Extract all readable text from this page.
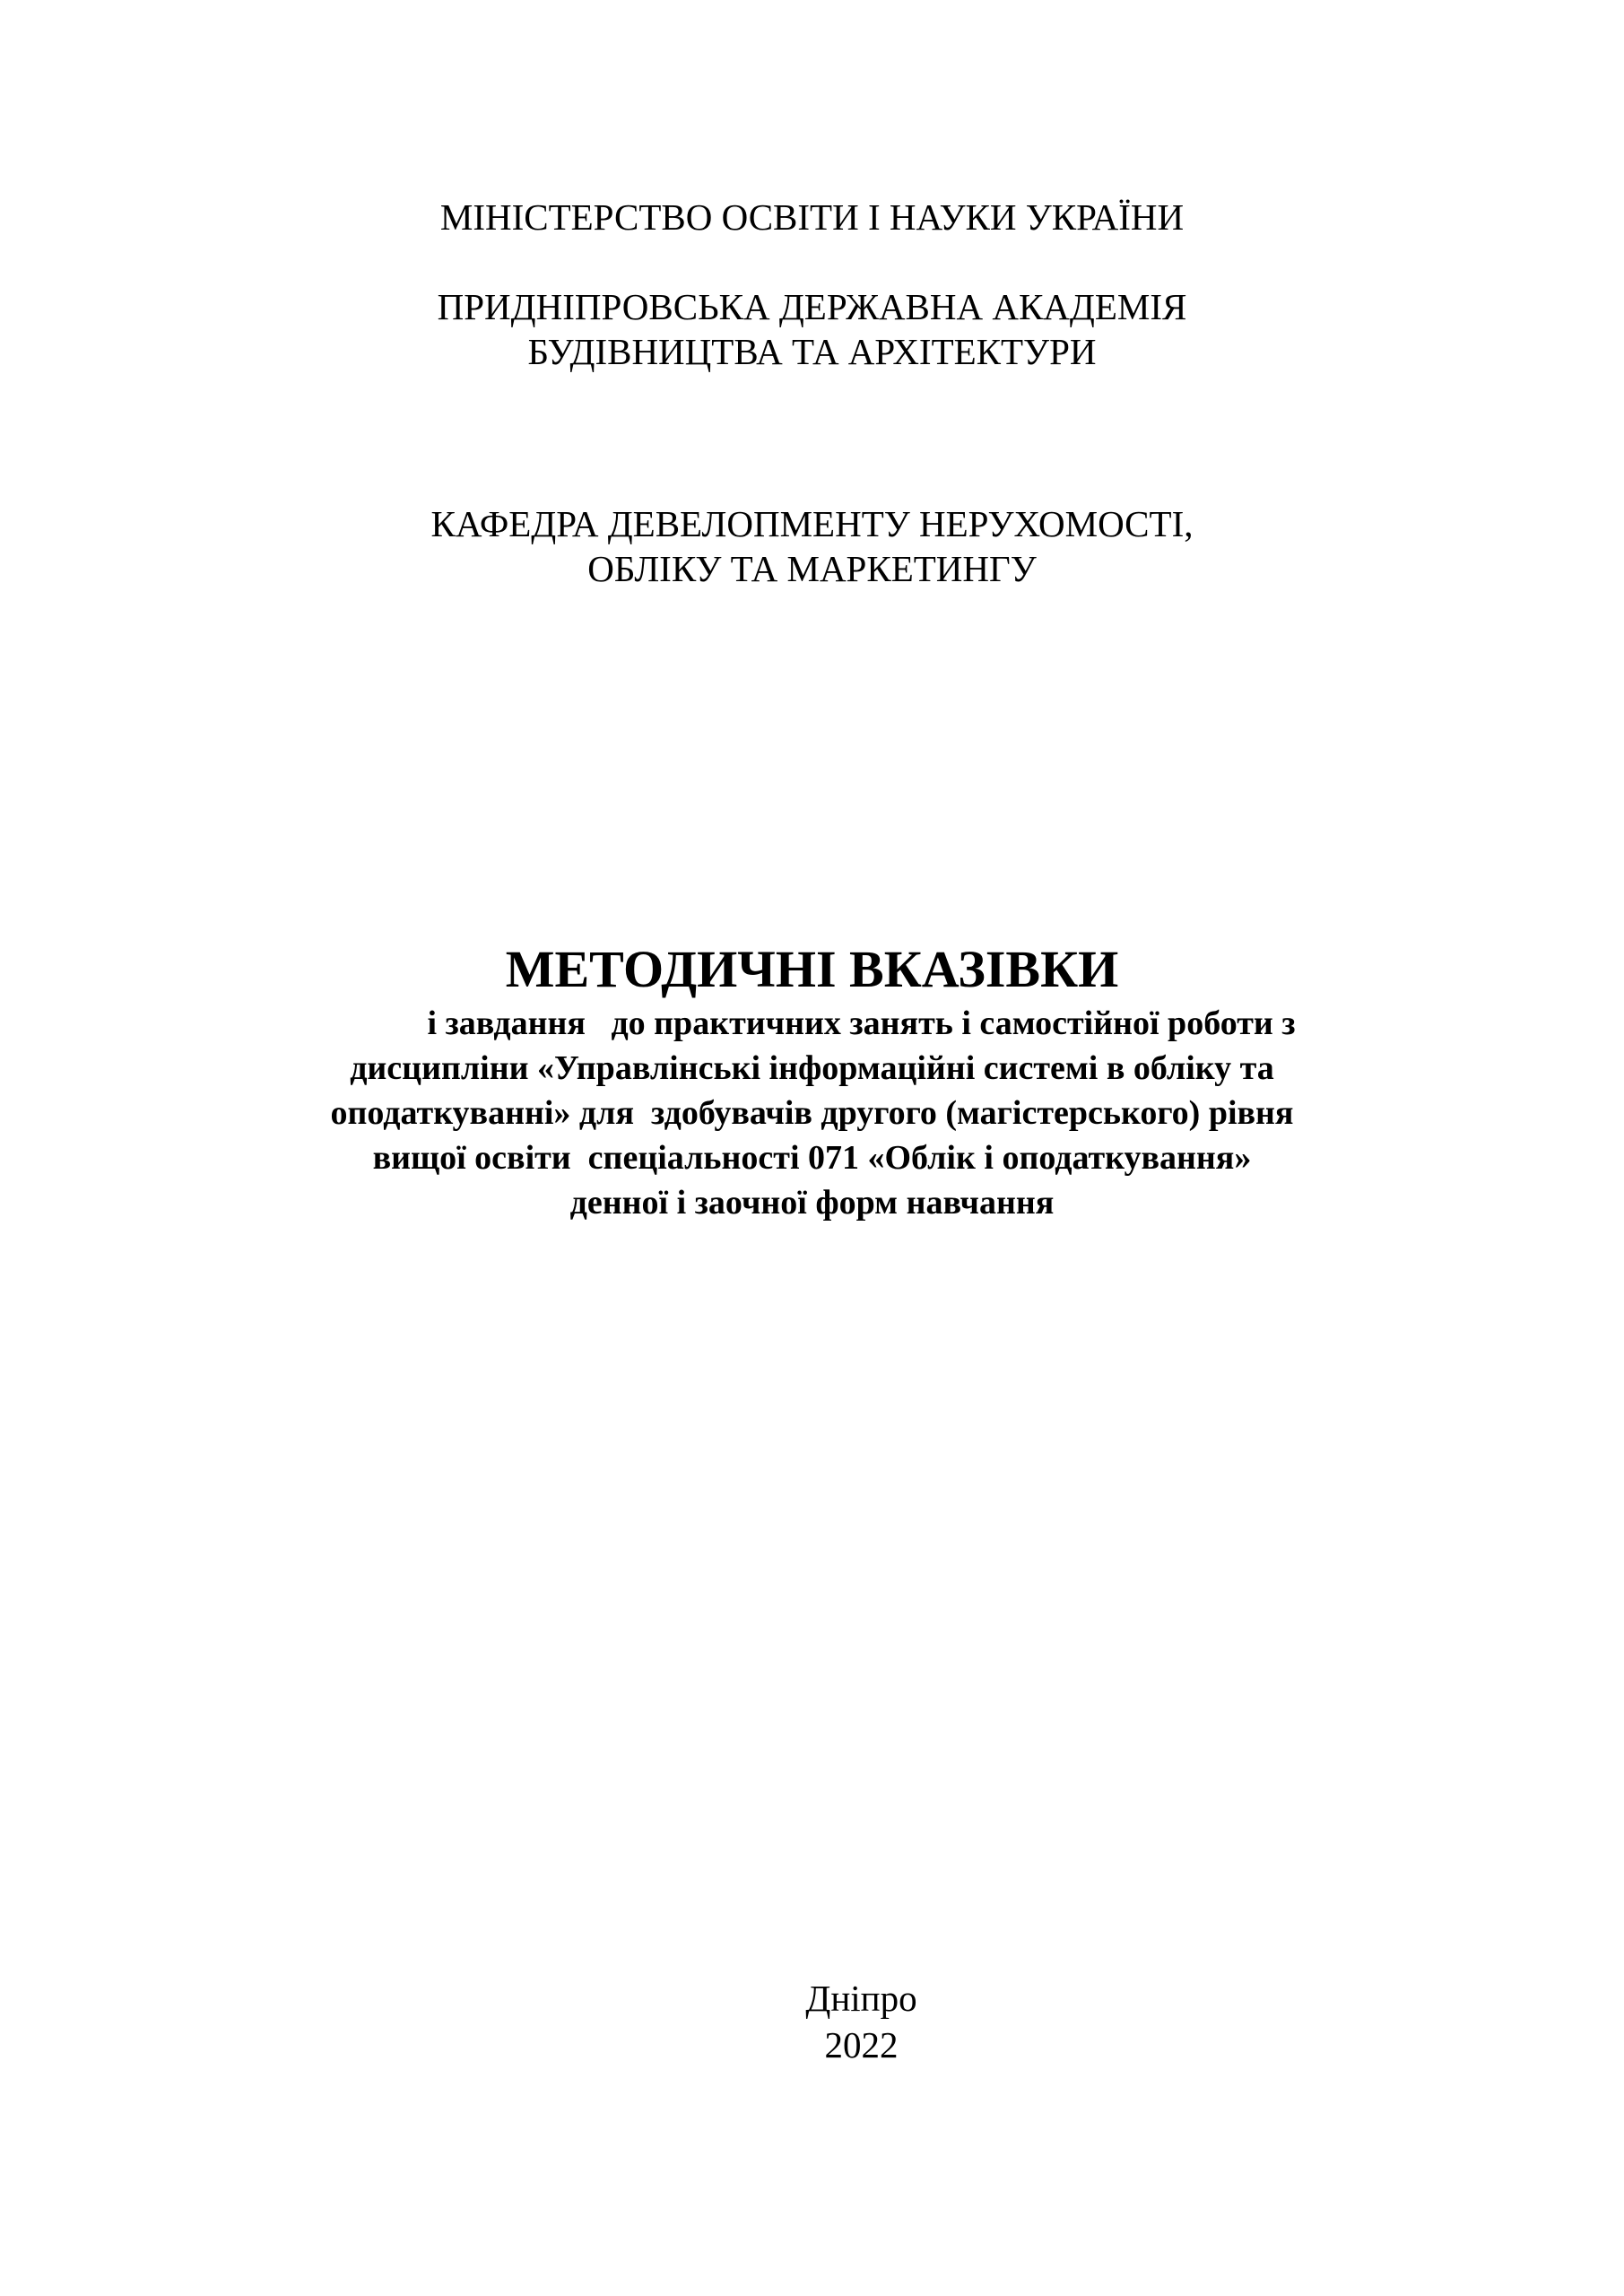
МІНІСТЕРСТВО ОСВІТИ І НАУКИ УКРАЇНИ
ПРИДНІПРОВСЬКА ДЕРЖАВНА АКАДЕМІЯ
БУДІВНИЦТВА ТА АРХІТЕКТУРИ
КАФЕДРА ДЕВЕЛОПМЕНТУ НЕРУХОМОСТІ,
ОБЛІКУ ТА МАРКЕТИНГУ
МЕТОДИЧНІ ВКАЗІВКИ
і завдання   до практичних занять і самостійної роботи з
дисципліни «Управлінські інформаційні системі в обліку та
оподаткуванні» для  здобувачів другого (магістерського) рівня
вищої освіти  спеціальності 071 «Облік і оподаткування»
денної і заочної форм навчання
Дніпро
2022
